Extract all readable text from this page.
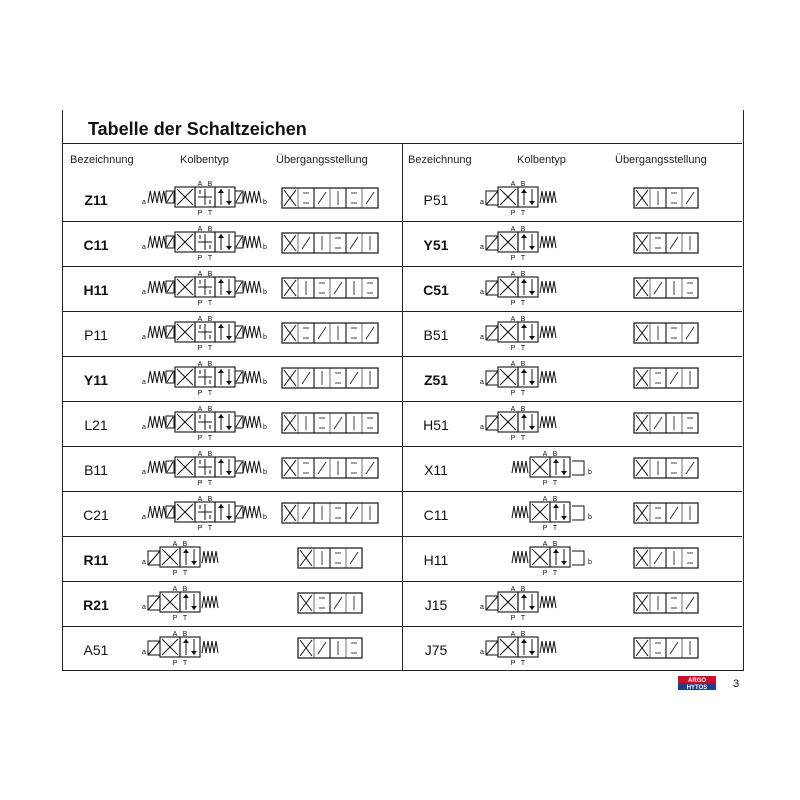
Tabelle der Schaltzeichen
Bezeichnung	Kolbentyp	Übergangsstellung	Bezeichnung	Kolbentyp	Übergangsstellung
Z11	a	b
A B
P T
C11	a	b
A B
P T
H11	a	b
A B
P T
P11	a	b
A B
P T
Y11	a	b
A B
P T
L21	a	b
A B
P T
B11	a	b
A B
P T
C21	a	b
A B
P T
R11	a
A B
P T
R21	a
A B
P T
A51	a
A B
P T
P51	a
A B
P T
Y51	a
A B
P T
C51	a
A B
P T
B51	a
A B
P T
Z51	a
A B
P T
H51	a
A B
P T
X11	b
A B
P T
C11	b
A B
P T
H11	b
A B
P T
J15	a
A B
P T
J75	a
A B
P T
ARGO
HYTOS 3
